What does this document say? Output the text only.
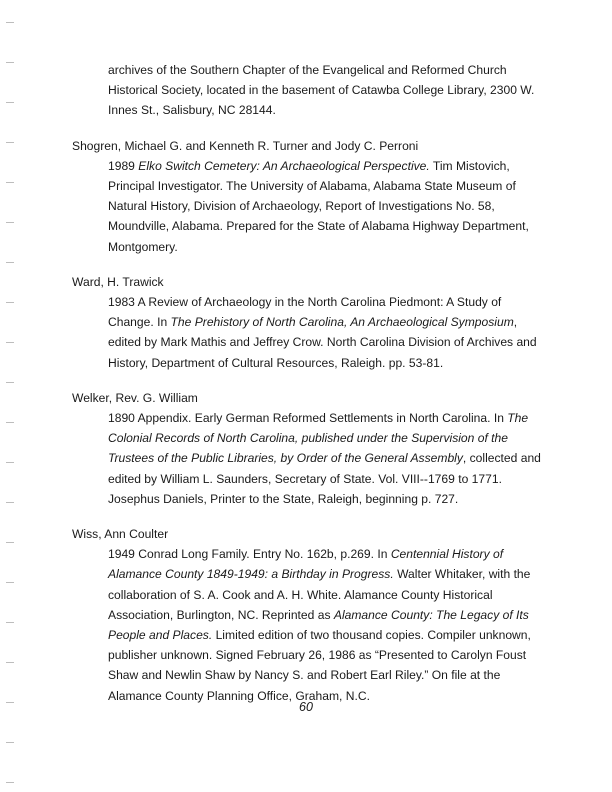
archives of the Southern Chapter of the Evangelical and Reformed Church Historical Society, located in the basement of Catawba College Library, 2300 W. Innes St., Salisbury, NC 28144.
Shogren, Michael G. and Kenneth R. Turner and Jody C. Perroni
1989 Elko Switch Cemetery: An Archaeological Perspective. Tim Mistovich, Principal Investigator. The University of Alabama, Alabama State Museum of Natural History, Division of Archaeology, Report of Investigations No. 58, Moundville, Alabama. Prepared for the State of Alabama Highway Department, Montgomery.
Ward, H. Trawick
1983 A Review of Archaeology in the North Carolina Piedmont: A Study of Change. In The Prehistory of North Carolina, An Archaeological Symposium, edited by Mark Mathis and Jeffrey Crow. North Carolina Division of Archives and History, Department of Cultural Resources, Raleigh. pp. 53-81.
Welker, Rev. G. William
1890 Appendix. Early German Reformed Settlements in North Carolina. In The Colonial Records of North Carolina, published under the Supervision of the Trustees of the Public Libraries, by Order of the General Assembly, collected and edited by William L. Saunders, Secretary of State. Vol. VIII--1769 to 1771. Josephus Daniels, Printer to the State, Raleigh, beginning p. 727.
Wiss, Ann Coulter
1949 Conrad Long Family. Entry No. 162b, p.269. In Centennial History of Alamance County 1849-1949: a Birthday in Progress. Walter Whitaker, with the collaboration of S. A. Cook and A. H. White. Alamance County Historical Association, Burlington, NC. Reprinted as Alamance County: The Legacy of Its People and Places. Limited edition of two thousand copies. Compiler unknown, publisher unknown. Signed February 26, 1986 as “Presented to Carolyn Foust Shaw and Newlin Shaw by Nancy S. and Robert Earl Riley.” On file at the Alamance County Planning Office, Graham, N.C.
60
